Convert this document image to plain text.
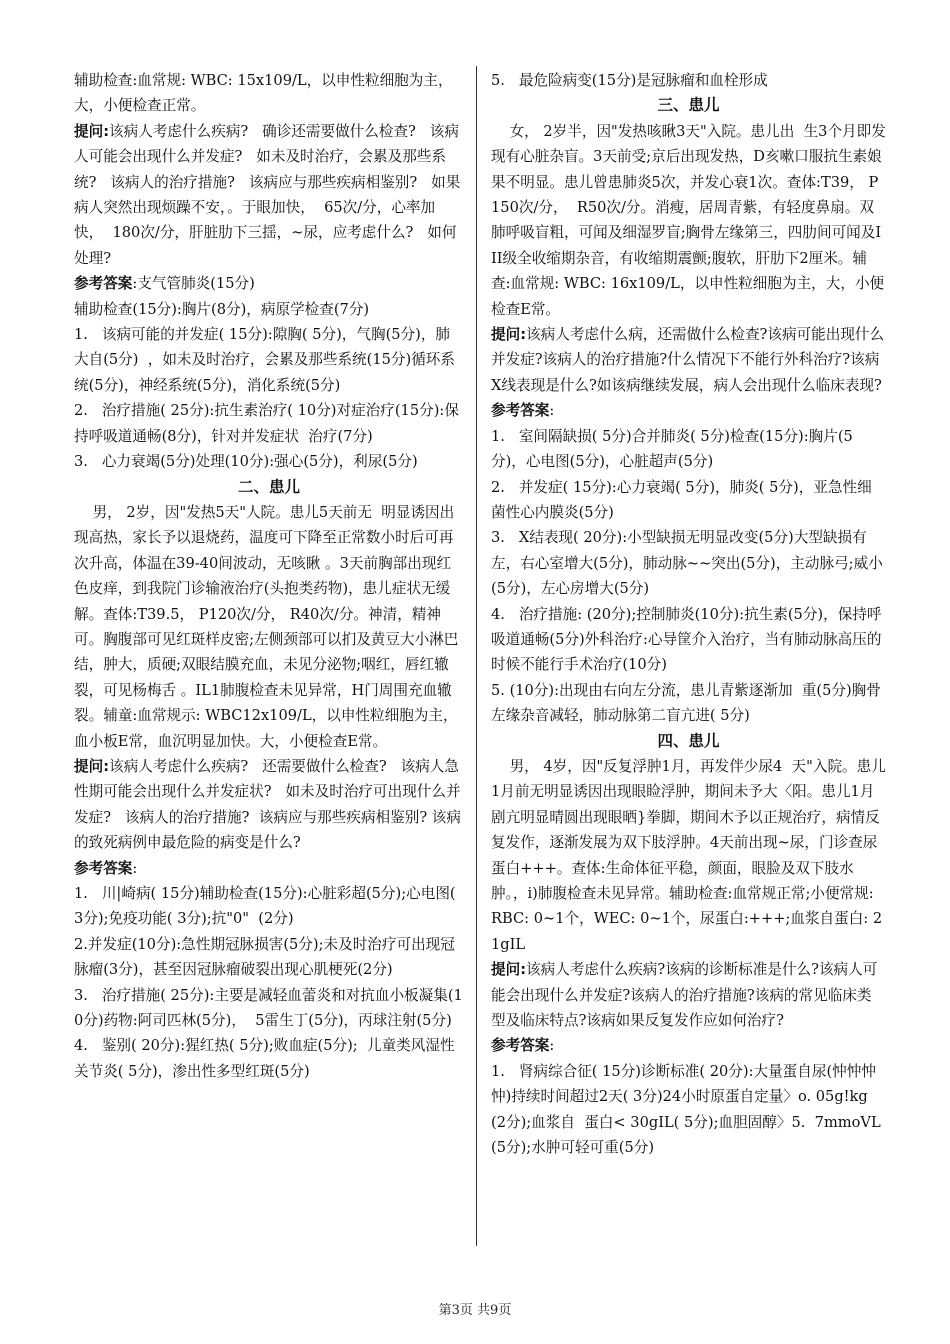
辅助检查:血常规: WBC: 15x109/L，以申性粒细胞为主，大，小便检查正常。

提问:该病人考虑什么疾病?   确诊还需要做什么检查?   该病人可能会出现什么并发症?   如未及时治疗，会累及那些系统?   该病人的治疗措施?   该病应与那些疾病相鉴别?   如果病人突然出现烦躁不安，。于眼加快，  65次/分，心率加快，  180次/分，肝脏肋下三揺，~尿，应考虑什么?   如何处理?

参考答案:支气管肺炎(15分)

辅助检查(15分):胸片(8分)，病原学检查(7分)

1.   该病可能的并发症( 15分):隙胸( 5分)，气胸(5分)，肺大自(5分)  ，如未及时治疗，会累及那些系统(15分)循环系统(5分)，神经系统(5分)，消化系统(5分)

2.   治疗措施( 25分):抗生素治疗( 10分)对症治疗(15分):保持呼吸道通畅(8分)，针对并发症状  治疗(7分)

3.   心力衰竭(5分)处理(10分):强心(5分)，利尿(5分)

二、患儿

男， 2岁，因"发热5天"人院。患儿5天前无  明显诱因出现高热，家长予以退烧药，温度可下降至正常数小时后可再次升高，体温在39-40间波动，无咳瞅 。3天前胸部出现红色皮痒，到我院门诊输液治疗(头抱类药物)，患儿症状无缓解。查体:T39.5， P120次/分， R40次/分。神清，精神可。胸腹部可见红斑样皮密;左侧颈部可以扪及黄豆大小淋巴结，肿大，质硬;双眼结膜充血，未见分泌物;咽红，唇红辙裂，可见杨梅舌 。IL1肺腹检查未见异常，H门周围充血辙裂。辅童:血常规示: WBC12x109/L，以申性粒细胞为主，血小板E常，血沉明显加快。大，小便检查E常。

提问:该病人考虑什么疾病?   还需要做什么检查?   该病人急性期可能会出现什么并发症状?   如未及时治疗可出现什么并发症?   该病人的治疗措施?  该病应与那些疾病相鉴别? 该病的致死病例申最危险的病变是什么?

参考答案:

1.   川|崎病( 15分)辅助检查(15分):心脏彩超(5分);心电图( 3分);免疫功能( 3分);抗"0"  (2分)

2.并发症(10分):急性期冠脉损害(5分);未及时治疗可出现冠脉瘤(3分)，甚至因冠脉瘤破裂出现心肌梗死(2分)

3.   治疗措施( 25分):主要是减轻血蕾炎和对抗血小板凝集(10分)药物:阿司匹林(5分)，  5雷生丁(5分)，丙球注射(5分)

4.   鉴别( 20分):猩红热( 5分);败血症(5分);  儿童类风湿性关节炎( 5分)，渗出性多型红斑(5分)

5.   最危险病变(15分)是冠脉瘤和血栓形成

三、患儿

女， 2岁半，因"发热咳瞅3天"入院。患儿出  生3个月即发现有心脏杂盲。3天前受;京后出现发热，D亥嗽口服抗生素娘果不明显。患儿曾患肺炎5次，并发心衰1次。查体:T39， P150次/分，  R50次/分。消瘦，居周青紫，有轻度鼻扇。双肺呼吸盲粗，可闻及细湿罗盲;胸骨左缘第三，四肋间可闻及III级全收缩期杂音，有收缩期震颤;腹软，肝肋下2厘米。辅查:血常规: WBC: 16x109/L，以申性粒细胞为主，大，小便检查E常。

提问:该病人考虑什么病，还需做什么检查?该病可能出现什么并发症?该病人的治疗措施?什么情况下不能行外科治疗?该病X线表现是什么?如该病继续发展，病人会出现什么临床表现?

参考答案:

1.   室间隔缺损( 5分)合并肺炎( 5分)检查(15分):胸片(5分)，心电图(5分)，心脏超声(5分)

2.   并发症( 15分):心力衰竭( 5分)，肺炎( 5分)，亚急性细菌性心内膜炎(5分)

3.   X结表现( 20分):小型缺损无明显改变(5分)大型缺损有左，右心室增大(5分)，肺动脉~~突出(5分)，主动脉弓;威小(5分)，左心房增大(5分)

4.   治疗措施: (20分);控制肺炎(10分):抗生素(5分)，保持呼吸道通畅(5分)外科治疗:心导筐介入治疗，当有肺动脉高压的时候不能行手术治疗(10分)

5. (10分):出现由右向左分流，患儿青紫逐渐加  重(5分)胸骨左缘杂音减轻，肺动脉第二盲亢进( 5分)

四、患儿

男， 4岁，因"反复浮肿1月，再发伴少尿4  天"入院。患儿1月前无明显诱因出现眼睑浮肿，期间未予大〈阳。患儿1月剧亢明显晴圆出现眼晒}拳脚，期间木予以正规治疗，病情反复发作，逐渐发展为双下肢浮肿。4天前出现~尿，门诊查尿蛋白+++。查体:生命体征平稳，颜面，眼脸及双下肢水肿。，i)肺腹检查未见异常。辅助检查:血常规正常;小便常规: RBC: 0~1个，WEC: 0~1个，尿蛋白:+++;血浆自蛋白: 21gIL

提问:该病人考虑什么疾病?该病的诊断标准是什么?该病人可能会出现什么并发症?该病人的治疗措施?该病的常见临床类型及临床特点?该病如果反复发作应如何治疗?

参考答案:

1.   肾病综合征( 15分)诊断标准( 20分):大量蛋自尿(忡忡忡忡)持续时间超过2天( 3分)24小时原蛋自定量〉o. 05g!kg (2分);血浆自  蛋白< 30gIL( 5分);血胆固醇〉5.  7mmoVL (5分);水肿可轻可重(5分)

第3页 共9页
